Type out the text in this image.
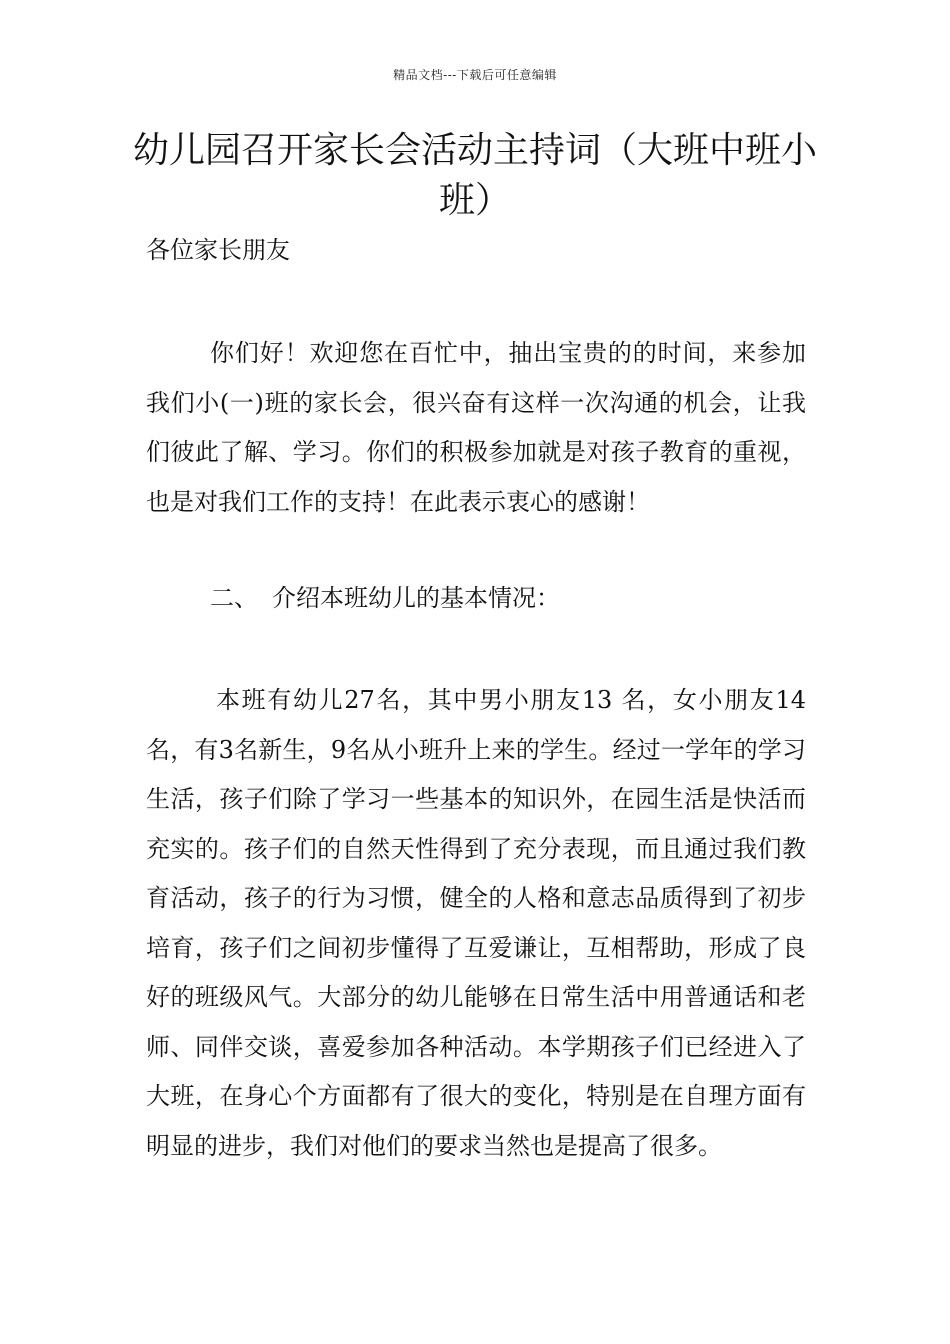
精品文档---下载后可任意编辑
幼儿园召开家长会活动主持词（大班中班小班）
各位家长朋友

你们好！欢迎您在百忙中，抽出宝贵的的时间，来参加我们小(一)班的家长会，很兴奋有这样一次沟通的机会，让我们彼此了解、学习。你们的积极参加就是对孩子教育的重视，也是对我们工作的支持！在此表示衷心的感谢！

二、 介绍本班幼儿的基本情况：

本班有幼儿27名，其中男小朋友13 名，女小朋友14名，有3名新生，9名从小班升上来的学生。经过一学年的学习生活，孩子们除了学习一些基本的知识外，在园生活是快活而充实的。孩子们的自然天性得到了充分表现，而且通过我们教育活动，孩子的行为习惯，健全的人格和意志品质得到了初步培育，孩子们之间初步懂得了互爱谦让，互相帮助，形成了良好的班级风气。大部分的幼儿能够在日常生活中用普通话和老师、同伴交谈，喜爱参加各种活动。本学期孩子们已经进入了大班，在身心个方面都有了很大的变化，特别是在自理方面有明显的进步，我们对他们的要求当然也是提高了很多。
